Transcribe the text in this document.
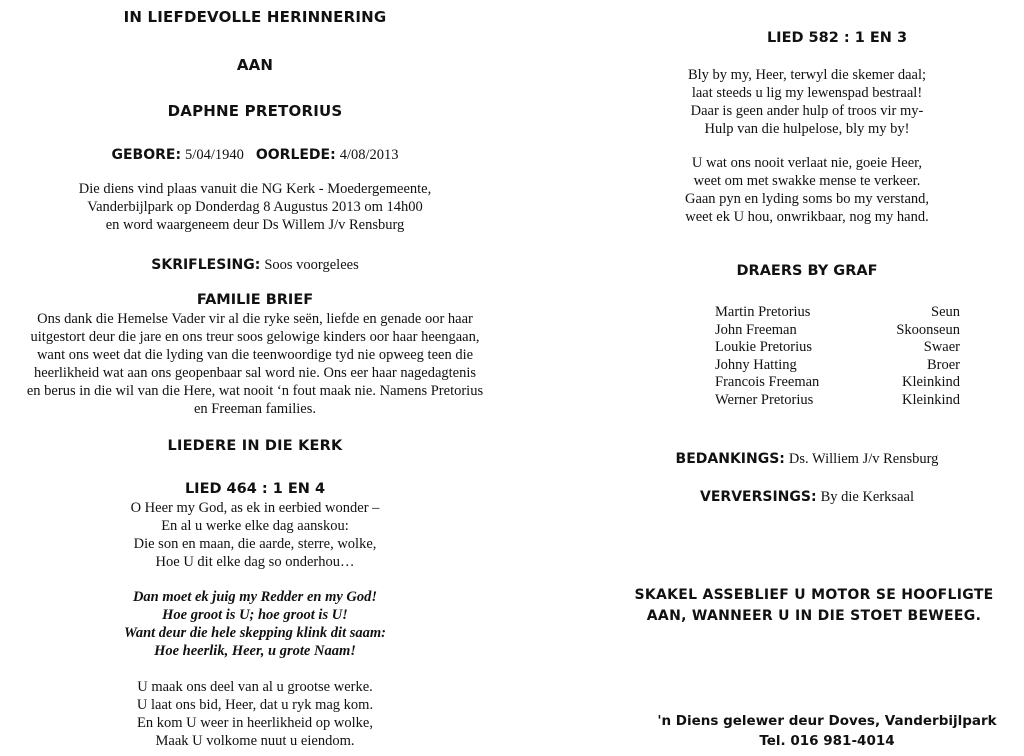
IN LIEFDEVOLLE HERINNERING
AAN
DAPHNE PRETORIUS
GEBORE: 5/04/1940 OORLEDE: 4/08/2013
Die diens vind plaas vanuit die NG Kerk - Moedergemeente,
Vanderbijlpark op Donderdag 8 Augustus 2013 om 14h00
en word waargeneem deur Ds Willem J/v Rensburg
SKRIFLESING: Soos voorgelees
FAMILIE BRIEF
Ons dank die Hemelse Vader vir al die ryke seën, liefde en genade oor haar
uitgestort deur die jare en ons treur soos gelowige kinders oor haar heengaan,
want ons weet dat die lyding van die teenwoordige tyd nie opweeg teen die
heerlikheid wat aan ons geopenbaar sal word nie. Ons eer haar nagedagtenis
en berus in die wil van die Here, wat nooit ‘n fout maak nie. Namens Pretorius
en Freeman families.
LIEDERE IN DIE KERK
LIED 464 : 1 EN 4
O Heer my God, as ek in eerbied wonder –
En al u werke elke dag aanskou:
Die son en maan, die aarde, sterre, wolke,
Hoe U dit elke dag so onderhou…
Dan moet ek juig my Redder en my God!
Hoe groot is U; hoe groot is U!
Want deur die hele skepping klink dit saam:
Hoe heerlik, Heer, u grote Naam!
U maak ons deel van al u grootse werke.
U laat ons bid, Heer, dat u ryk mag kom.
En kom U weer in heerlikheid op wolke,
Maak U volkome nuut u eiendom.
LIED 582 : 1 EN 3
Bly by my, Heer, terwyl die skemer daal;
laat steeds u lig my lewenspad bestraal!
Daar is geen ander hulp of troos vir my-
Hulp van die hulpelose, bly my by!
U wat ons nooit verlaat nie, goeie Heer,
weet om met swakke mense te verkeer.
Gaan pyn en lyding soms bo my verstand,
weet ek U hou, onwrikbaar, nog my hand.
DRAERS BY GRAF
Martin Pretorius	Seun
John Freeman	Skoonseun
Loukie Pretorius	Swaer
Johny Hatting	Broer
Francois Freeman	Kleinkind
Werner Pretorius	Kleinkind
BEDANKINGS: Ds. Williem J/v Rensburg
VERVERSINGS: By die Kerksaal
SKAKEL ASSEBLIEF U MOTOR SE HOOFLIGTE
AAN, WANNEER U IN DIE STOET BEWEEG.
'n Diens gelewer deur Doves, Vanderbijlpark
Tel. 016 981-4014
